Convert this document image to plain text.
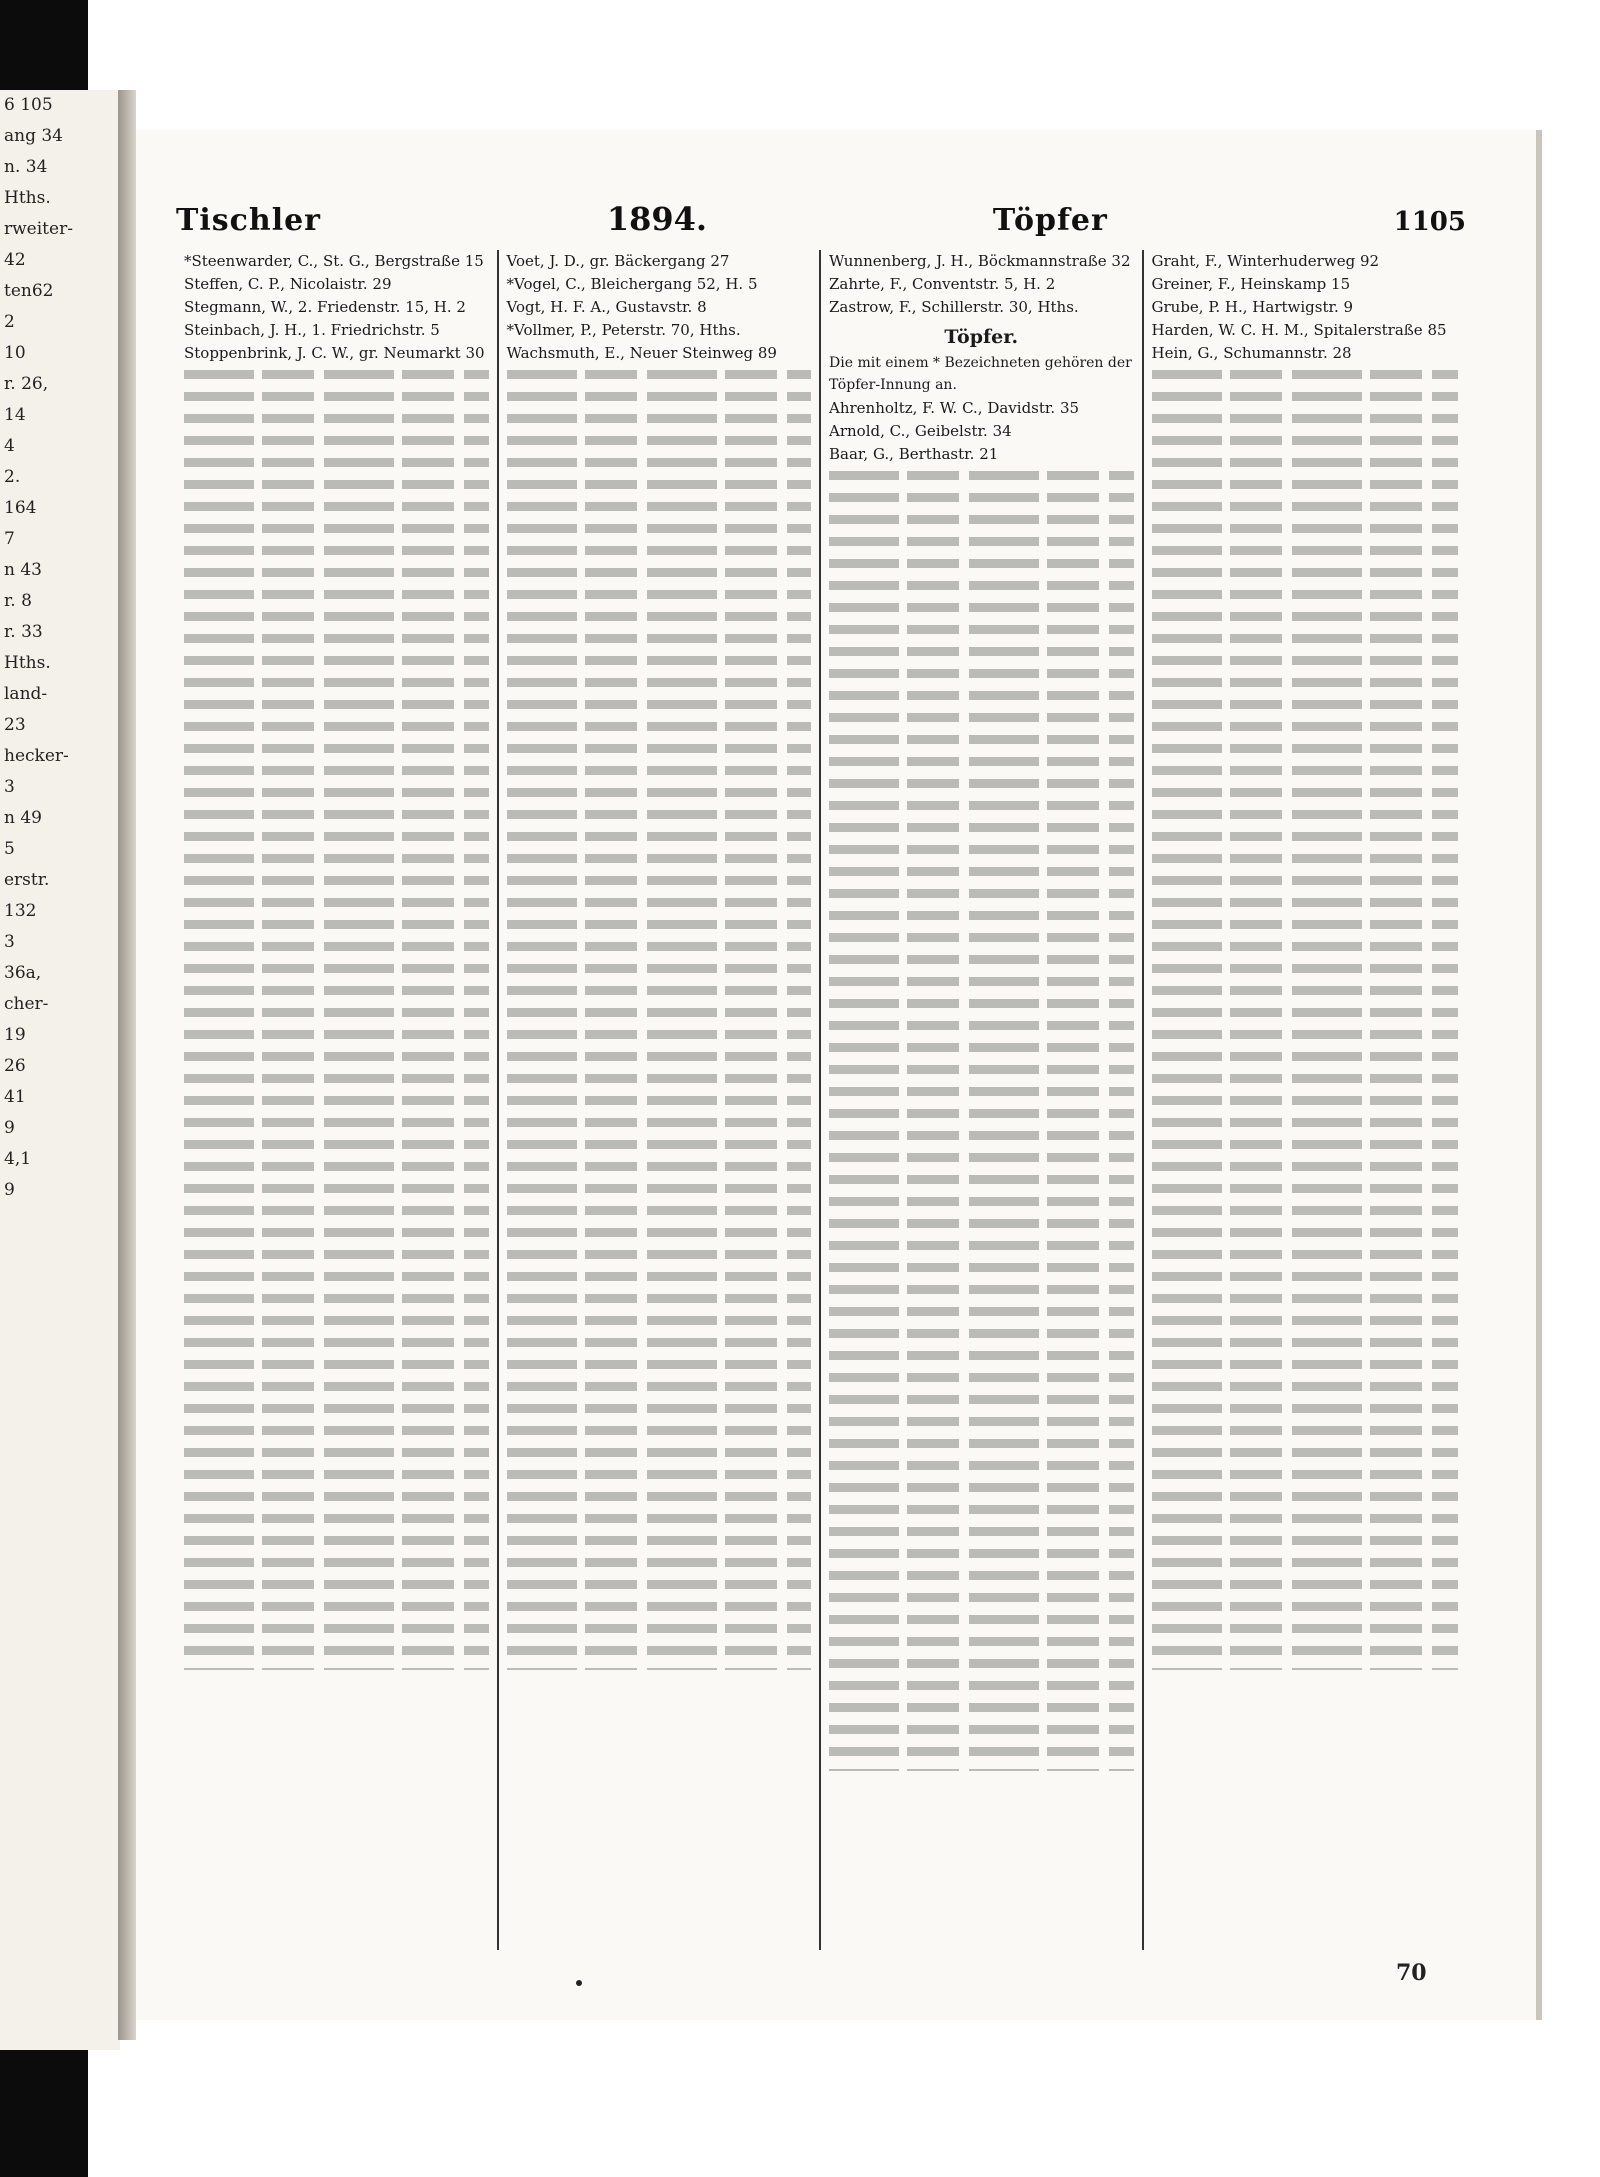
6 105
ang 34
n. 34
Hths.
rweiter-
42
ten62
2
10
r. 26,
14
4
2.
164
7
n 43
r. 8
r. 33
Hths.
land-
23
hecker-
3
n 49
5
erstr.
132
3
36a,
cher-
19
26
41
9
4,1
9
Tischler	1894.	Töpfer	1105
*Steenwarder, C., St. G., Bergstraße 15
Steffen, C. P., Nicolaistr. 29
Stegmann, W., 2. Friedenstr. 15, H. 2
Steinbach, J. H., 1. Friedrichstr. 5
Stoppenbrink, J. C. W., gr. Neumarkt 30
Voet, J. D., gr. Bäckergang 27
*Vogel, C., Bleichergang 52, H. 5
Vogt, H. F. A., Gustavstr. 8
*Vollmer, P., Peterstr. 70, Hths.
Wachsmuth, E., Neuer Steinweg 89
Wunnenberg, J. H., Böckmannstraße 32
Zahrte, F., Conventstr. 5, H. 2
Zastrow, F., Schillerstr. 30, Hths.
Töpfer.
Die mit einem * Bezeichneten gehören der Töpfer-Innung an.
Ahrenholtz, F. W. C., Davidstr. 35
Arnold, C., Geibelstr. 34
Baar, G., Berthastr. 21
Graht, F., Winterhuderweg 92
Greiner, F., Heinskamp 15
Grube, P. H., Hartwigstr. 9
Harden, W. C. H. M., Spitalerstraße 85
Hein, G., Schumannstr. 28
70
